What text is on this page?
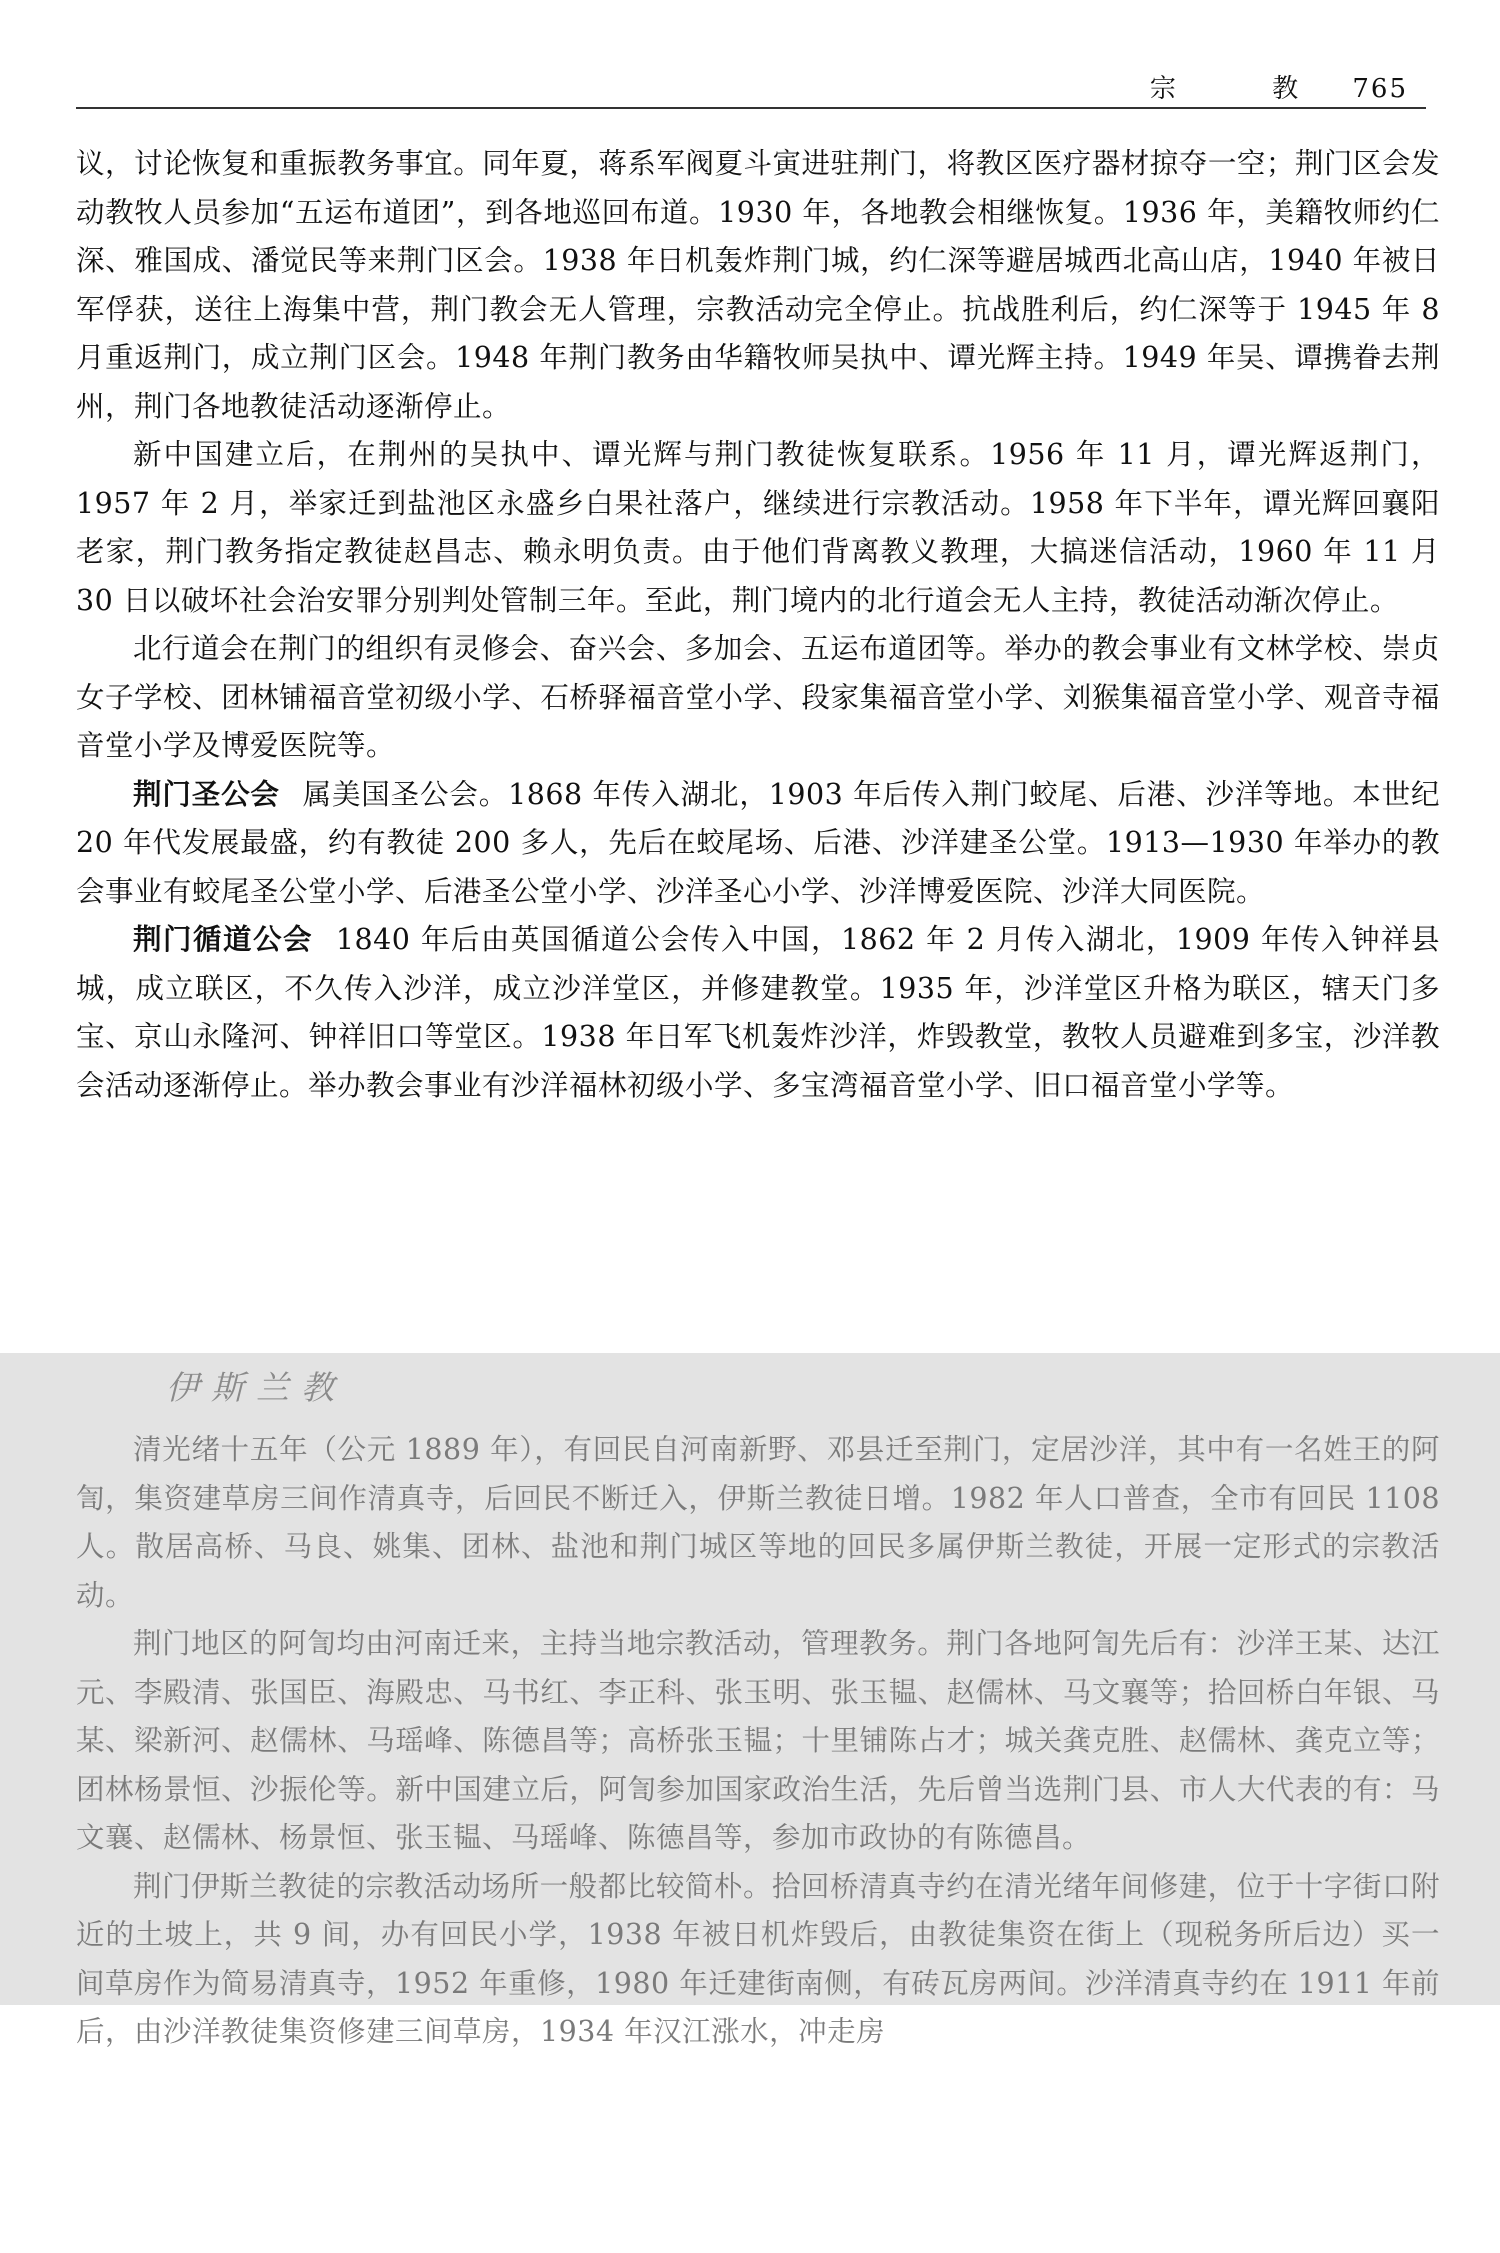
宗 教 765

议，讨论恢复和重振教务事宜。同年夏，蒋系军阀夏斗寅进驻荆门，将教区医疗器材掠夺一空；荆门区会发动教牧人员参加“五运布道团”，到各地巡回布道。1930 年，各地教会相继恢复。1936 年，美籍牧师约仁深、雅国成、潘觉民等来荆门区会。1938 年日机轰炸荆门城，约仁深等避居城西北高山店，1940 年被日军俘获，送往上海集中营，荆门教会无人管理，宗教活动完全停止。抗战胜利后，约仁深等于 1945 年 8 月重返荆门，成立荆门区会。1948 年荆门教务由华籍牧师吴执中、谭光辉主持。1949 年吴、谭携眷去荆州，荆门各地教徒活动逐渐停止。

新中国建立后，在荆州的吴执中、谭光辉与荆门教徒恢复联系。1956 年 11 月，谭光辉返荆门，1957 年 2 月，举家迁到盐池区永盛乡白果社落户，继续进行宗教活动。1958 年下半年，谭光辉回襄阳老家，荆门教务指定教徒赵昌志、赖永明负责。由于他们背离教义教理，大搞迷信活动，1960 年 11 月 30 日以破坏社会治安罪分别判处管制三年。至此，荆门境内的北行道会无人主持，教徒活动渐次停止。

北行道会在荆门的组织有灵修会、奋兴会、多加会、五运布道团等。举办的教会事业有文林学校、崇贞女子学校、团林铺福音堂初级小学、石桥驿福音堂小学、段家集福音堂小学、刘猴集福音堂小学、观音寺福音堂小学及博爱医院等。

荆门圣公会 属美国圣公会。1868 年传入湖北，1903 年后传入荆门蛟尾、后港、沙洋等地。本世纪 20 年代发展最盛，约有教徒 200 多人，先后在蛟尾场、后港、沙洋建圣公堂。1913—1930 年举办的教会事业有蛟尾圣公堂小学、后港圣公堂小学、沙洋圣心小学、沙洋博爱医院、沙洋大同医院。

荆门循道公会 1840 年后由英国循道公会传入中国，1862 年 2 月传入湖北，1909 年传入钟祥县城，成立联区，不久传入沙洋，成立沙洋堂区，并修建教堂。1935 年，沙洋堂区升格为联区，辖天门多宝、京山永隆河、钟祥旧口等堂区。1938 年日军飞机轰炸沙洋，炸毁教堂，教牧人员避难到多宝，沙洋教会活动逐渐停止。举办教会事业有沙洋福林初级小学、多宝湾福音堂小学、旧口福音堂小学等。

伊斯兰教

清光绪十五年（公元 1889 年），有回民自河南新野、邓县迁至荆门，定居沙洋，其中有一名姓王的阿訇，集资建草房三间作清真寺，后回民不断迁入，伊斯兰教徒日增。1982 年人口普查，全市有回民 1108 人。散居高桥、马良、姚集、团林、盐池和荆门城区等地的回民多属伊斯兰教徒，开展一定形式的宗教活动。

荆门地区的阿訇均由河南迁来，主持当地宗教活动，管理教务。荆门各地阿訇先后有：沙洋王某、达江元、李殿清、张国臣、海殿忠、马书红、李正科、张玉明、张玉韫、赵儒林、马文襄等；拾回桥白年银、马某、梁新河、赵儒林、马瑶峰、陈德昌等；高桥张玉韫；十里铺陈占才；城关龚克胜、赵儒林、龚克立等；团林杨景恒、沙振伦等。新中国建立后，阿訇参加国家政治生活，先后曾当选荆门县、市人大代表的有：马文襄、赵儒林、杨景恒、张玉韫、马瑶峰、陈德昌等，参加市政协的有陈德昌。

荆门伊斯兰教徒的宗教活动场所一般都比较简朴。拾回桥清真寺约在清光绪年间修建，位于十字街口附近的土坡上，共 9 间，办有回民小学，1938 年被日机炸毁后，由教徒集资在街上（现税务所后边）买一间草房作为简易清真寺，1952 年重修，1980 年迁建街南侧，有砖瓦房两间。沙洋清真寺约在 1911 年前后，由沙洋教徒集资修建三间草房，1934 年汉江涨水，冲走房
